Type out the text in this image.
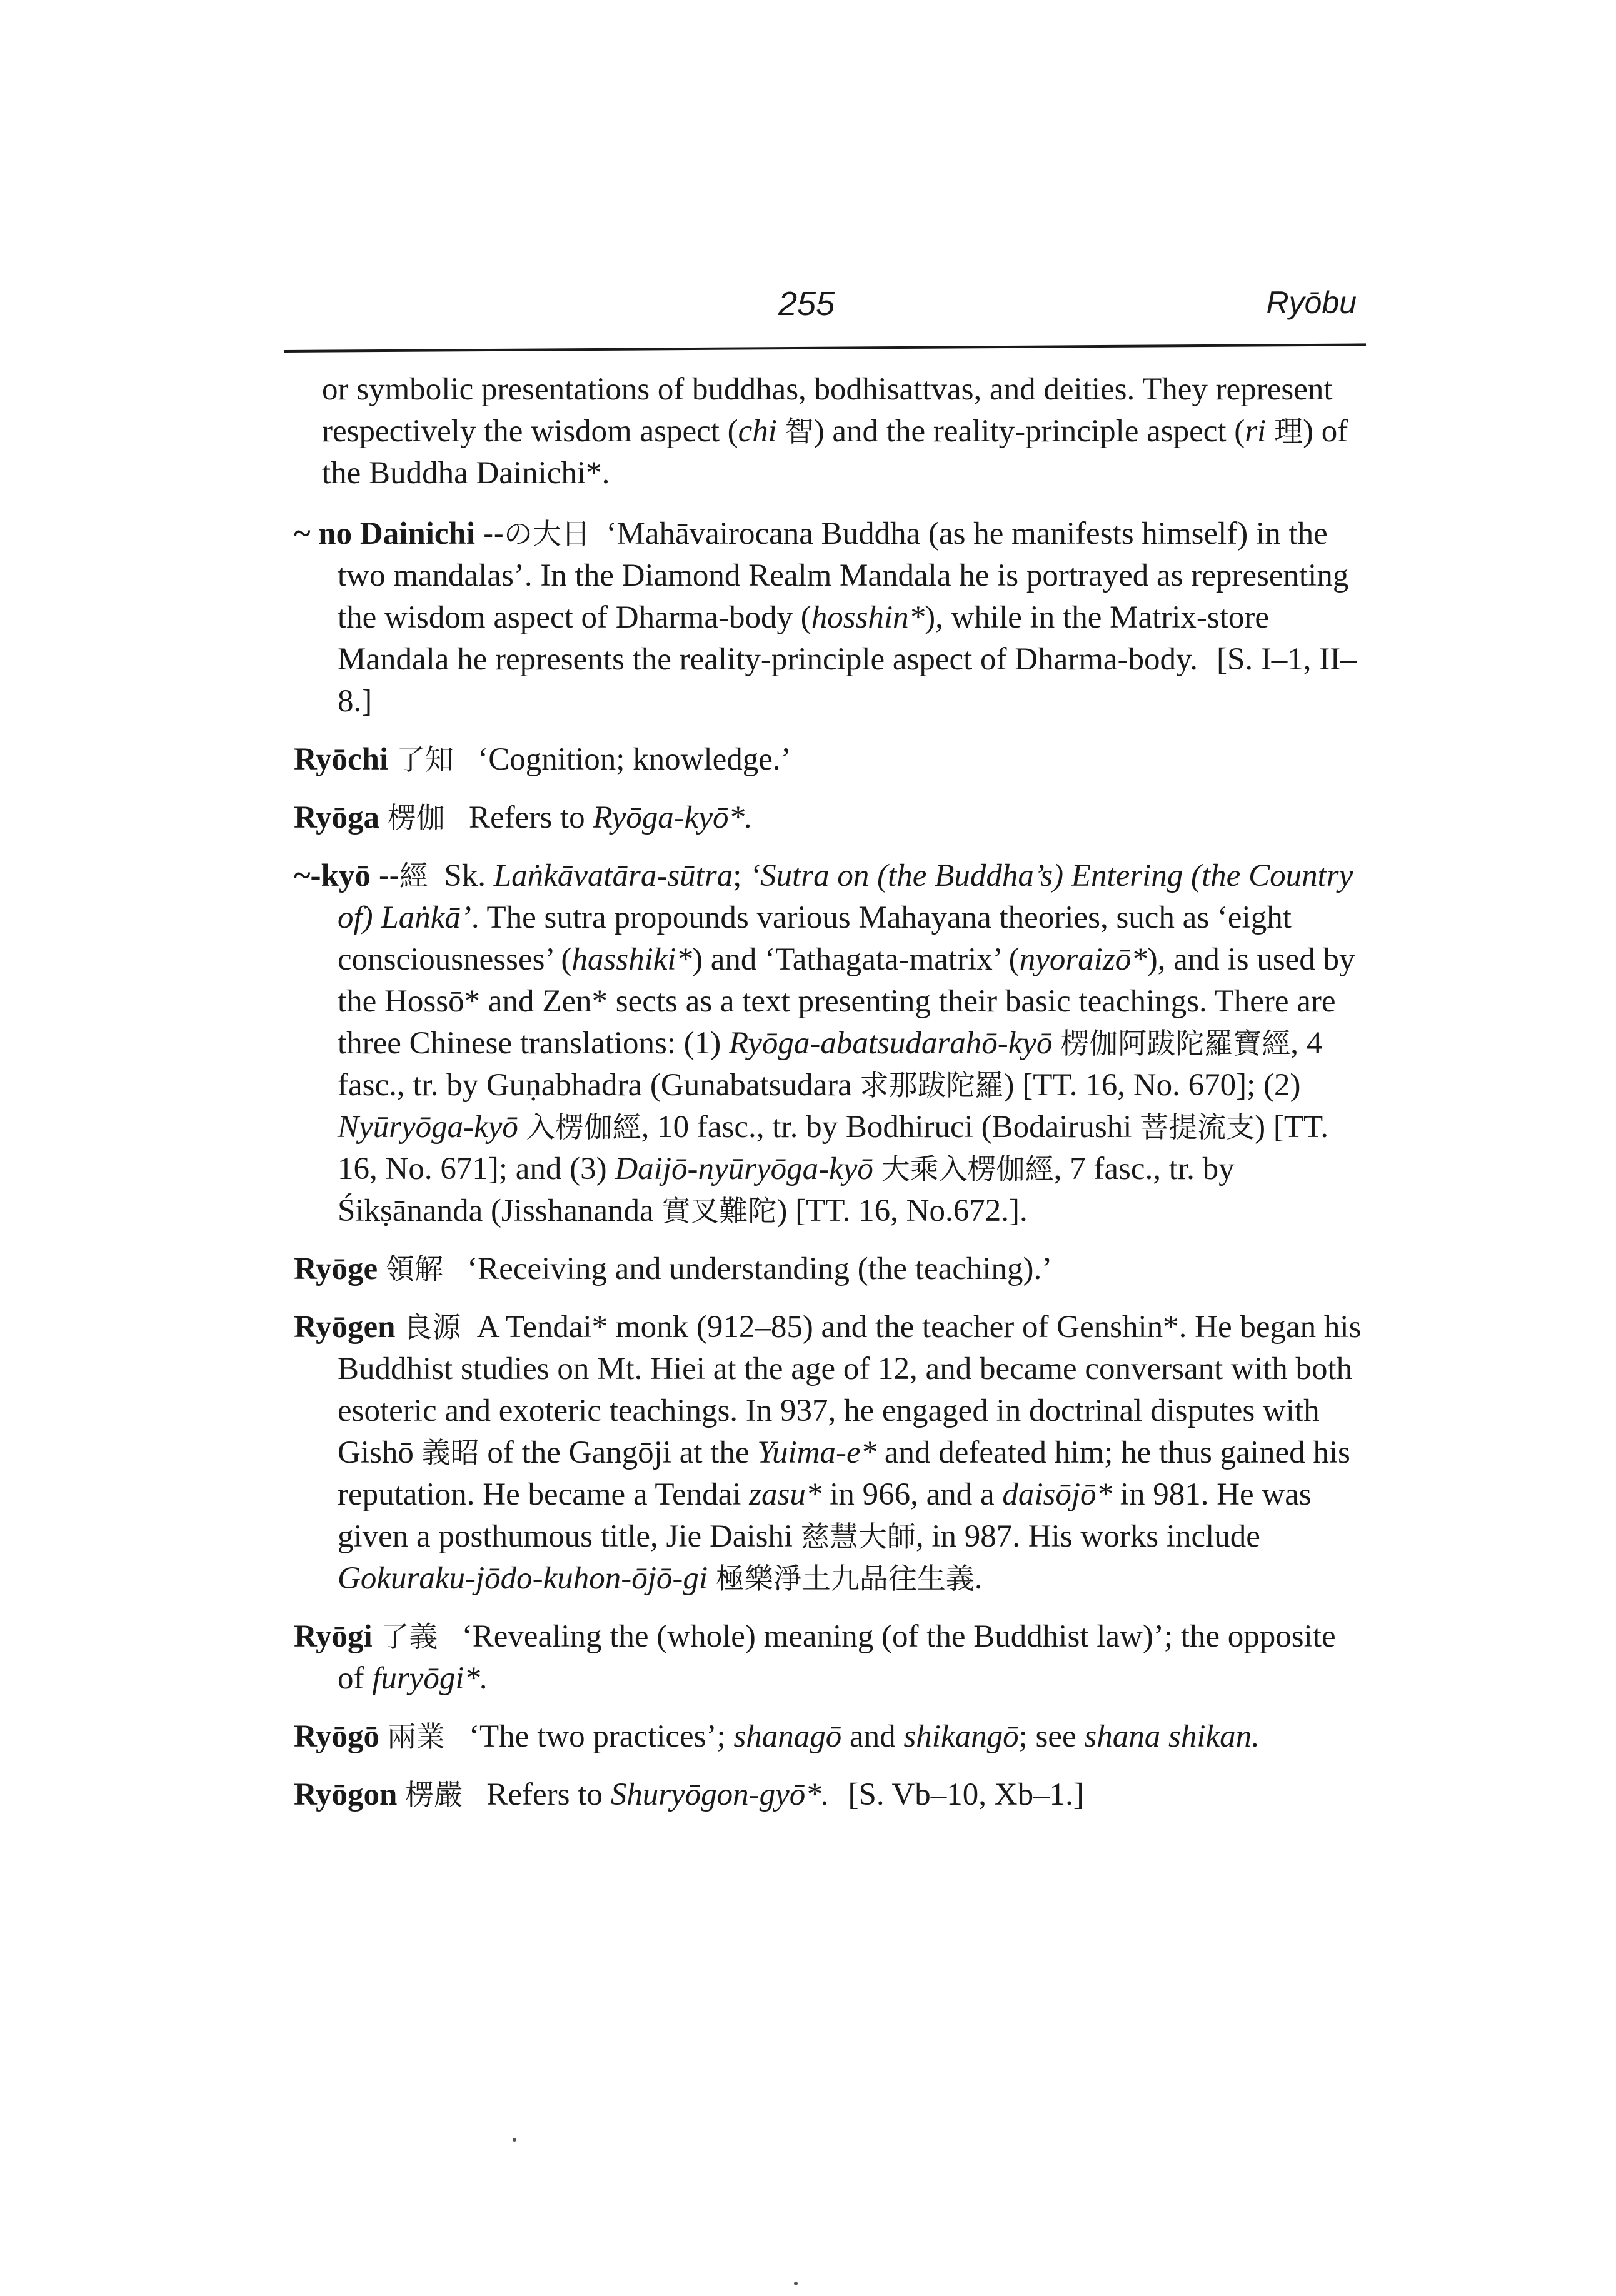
255	Ryōbu

or symbolic presentations of buddhas, bodhisattvas, and deities. They represent respectively the wisdom aspect (chi 智) and the reality-principle aspect (ri 理) of the Buddha Dainichi*.

~ no Dainichi --の大日 ‘Mahāvairocana Buddha (as he manifests himself) in the two mandalas’. In the Diamond Realm Mandala he is portrayed as representing the wisdom aspect of Dharma-body (hosshin*), while in the Matrix-store Mandala he represents the reality-principle aspect of Dharma-body. [S. I–1, II–8.]

Ryōchi 了知 ‘Cognition; knowledge.’

Ryōga 楞伽 Refers to Ryōga-kyō*.

~-kyō --經 Sk. Laṅkāvatāra-sūtra; ‘Sutra on (the Buddha’s) Entering (the Country of) Laṅkā’. The sutra propounds various Mahayana theories, such as ‘eight consciousnesses’ (hasshiki*) and ‘Tathagata-matrix’ (nyoraizō*), and is used by the Hossō* and Zen* sects as a text presenting their basic teachings. There are three Chinese translations: (1) Ryōga-abatsudarahō-kyō 楞伽阿跋陀羅寶經, 4 fasc., tr. by Guṇabhadra (Gunabatsudara 求那跋陀羅) [TT. 16, No. 670]; (2) Nyūryōga-kyō 入楞伽經, 10 fasc., tr. by Bodhiruci (Bodairushi 菩提流支) [TT. 16, No. 671]; and (3) Daijō-nyūryōga-kyō 大乘入楞伽經, 7 fasc., tr. by Śikṣānanda (Jisshananda 實叉難陀) [TT. 16, No.672.].

Ryōge 領解 ‘Receiving and understanding (the teaching).’

Ryōgen 良源 A Tendai* monk (912–85) and the teacher of Genshin*. He began his Buddhist studies on Mt. Hiei at the age of 12, and became conversant with both esoteric and exoteric teachings. In 937, he engaged in doctrinal disputes with Gishō 義昭 of the Gangōji at the Yuima-e* and defeated him; he thus gained his reputation. He became a Tendai zasu* in 966, and a daisōjō* in 981. He was given a posthumous title, Jie Daishi 慈慧大師, in 987. His works include Gokuraku-jōdo-kuhon-ōjō-gi 極樂淨土九品往生義.

Ryōgi 了義 ‘Revealing the (whole) meaning (of the Buddhist law)’; the opposite of furyōgi*.

Ryōgō 兩業 ‘The two practices’; shanagō and shikangō; see shana shikan.

Ryōgon 楞嚴 Refers to Shuryōgon-gyō*. [S. Vb–10, Xb–1.]
